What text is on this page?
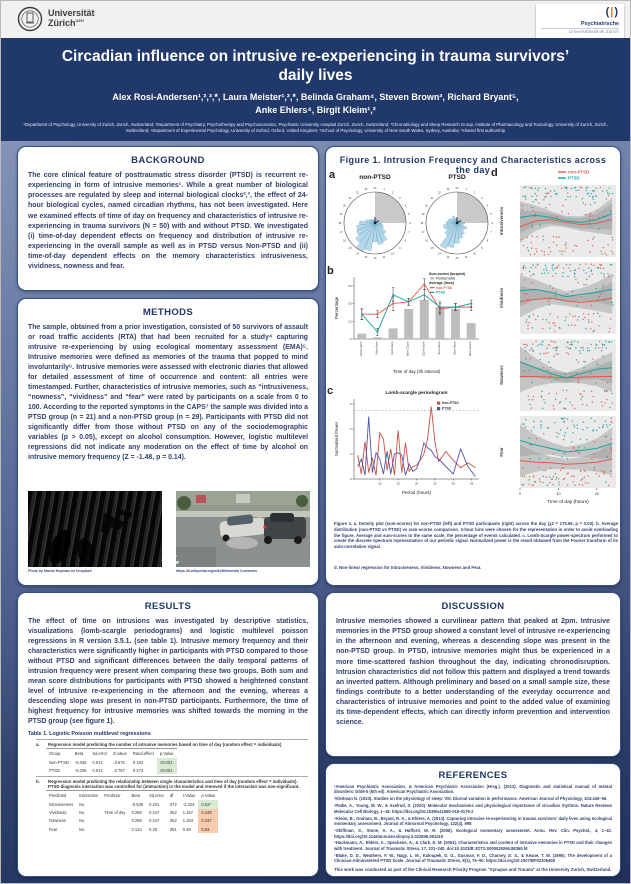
Universität
Zürich$^{UZH}$
(|)
Psychiatrische
Universitätsklinik Zürich
Circadian influence on intrusive re-experiencing in trauma survivors’
daily lives
Alex Rosi-Andersen¹,²,³,*, Laura Meister¹,²,*, Belinda Graham⁴, Steven Brown³, Richard Bryant⁵,
Anke Ehlers⁴, Birgit Kleim¹,²
¹Department of Psychology, University of Zurich, Zurich, Switzerland; ²Department of Psychiatry, Psychotherapy and Psychosomatics, Psychiatric University Hospital Zurich, Zurich, Switzerland; ³Chronobiology and Sleep Research Group, Institute of Pharmacology and Toxicology, University of Zurich, Zurich, Switzerland; ⁴Department of Experimental Psychology, University of Oxford, Oxford, United Kingdom; ⁵School of Psychology, University of New South Wales, Sydney, Australia; *shared first authorship
BACKGROUND

The core clinical feature of posttraumatic stress disorder (PTSD) is recurrent re-experiencing in form of intrusive memories¹. While a great number of biological processes are regulated by sleep and internal biological clocks²,³, the effect of 24-hour biological cycles, named circadian rhythms, has not been investigated. Here we examined effects of time of day on frequency and characteristics of intrusive re-experiencing in trauma survivors (N = 50) with and without PTSD. We investigated (i) time-of-day dependent effects on frequency and distribution of intrusive re-experiencing in the overall sample as well as in PTSD versus Non-PTSD and (ii) time-of-day dependent effects on the memory characteristics intrusiveness, vividness, nowness and fear.

METHODS

The sample, obtained from a prior investigation, consisted of 50 survivors of assault or road traffic accidents (RTA) that had been recruited for a study⁴ capturing intrusive re-experiencing by using ecological momentary assessment (EMA)⁵. Intrusive memories were defined as memories of the trauma that popped to mind involuntarily⁶. Intrusive memories were assessed with electronic diaries that allowed for detailed assessment of time of occurrence and content: all entries were timestamped. Further, characteristics of intrusive memories, such as “intrusiveness, “nowness”, “vividness” and “fear” were rated by participants on a scale from 0 to 100. According to the reported symptoms in the CAPS⁷ the sample was divided into a PTSD group (n = 21) and a non-PTSD group (n = 29). Participants with PTSD did not significantly differ from those without PTSD on any of the sociodemographic variables (p > 0.05), except on alcohol consumption. However, logistic multilevel regressions did not indicate any moderation on the effect of time by alcohol on intrusive memory frequency (Z = -1.48, p = 0.14).

Photo by Maxim Hopman on Unsplash	https://it.wikipedia.org/wiki/Wikimedia Commons
RESULTS

The effect of time on intrusions was investigated by descriptive statistics, visualizations (lomb-scargle periodograms) and logistic multilevel poisson regressions in R version 3.5.1. (see table 1). Intrusive memory frequency and their characteristics were significantly higher in participants with PTSD compared to those without PTSD and significant differences between the daily temporal patterns of intrusion frequency were present when comparing these two groups. Both sum and mean score distributions for participants with PTSD showed a heightened constant level of intrusive re-experiencing in the afternoon and the evening, whereas a descending slope was present in non-PTSD participants. Furthermore, the time of highest frequency for intrusive memories was shifted towards the morning in the PTSD group (see figure 1).

Table 1. Logistic Poisson multilevel regressions

a.	Regression model predicting the number of intrusive memories based on time of day (random effect = individuals)
Group	Beta	Sd.error	Z-value	Rand.effect	p-Value
Non-PTSD	-0.046	0.013	-3.676	0.192	<0.001
PTSD	-0.035	0.013	-2.757	0.273	<0.001
b.	Regression model predicting the relationship between single characteristics and time of day (random effect = individuals). PTSD diagnosis interaction was controlled for (interaction) in the model and removed if the interaction was non-significant.
Predicted	Interaction	Predictor	Beta	Sd.error	df	t-Value	p-Value
Intrusiveness	No		-0.536	0.231	372	-2.323	0.02*
Vividness	No	Time of day	0.286	0.247	362	1.157	0.248
Nowness	No		0.295	0.247	362	1.183	0.237
Fear	No		0.134	0.28	351	0.48	0.63
Figure 1. Intrusion Frequency and Characteristics across the day
a	non-PTSD
1
2
3
4
5
6
7
8
9
10
11
12
13
14
15
16
17
18
19
20
21
22
23 24
PTSD
1
2
3
4
5
6
7
8
9
10
11
12
13
14
15
16
17
18
19
20
21
22
23 24
b
0
10
20
30
12am-3am	3am-6am	6am-9am	9am-12pm	12pm-3pm	3pm-6pm	6pm-9pm	9pm-12am
Time of day (3h interval)
Percentage
Sum-scores (boxplot)
Pooled data
Average (lines)
non-PTSD
PTSD
c	Lomb-scargle periodogram
0
2
4
6
10	15	20	25	30	35
Non-PTSD
PTSD
Period (hours)
Normalized Power
d	non-PTSD
PTSD
Intrusiveness
Vividness
Nowness
Fear
0	10	20
Time of day (hours)

Figure 1. a. Density plot (sum-scores) for non-PTSD (left) and PTSD participants (right) across the day (χ2 = 175.56, p = 0.03). b. Average distribution (non-PTSD vs PTSD) vs sum-scores comparison. 3-hour bins were chosen for the representation in order to avoid overloading the figure. Average and sum-scores to the same scale, the percentage of events calculated. c. Lomb-Scargle power-spectrum performed to create the discrete spectrum representation of our periodic signal. Normalized power is the result obtained from the Fourier transform of its auto-correlation signal.

d. Non-linear regression for Intrusiveness, Vividness, Nowness and Fear.

DISCUSSION

Intrusive memories showed a curvilinear pattern that peaked at 2pm. Intrusive memories in the PTSD group showed a constant level of intrusive re-experiencing in the afternoon and evening, whereas a descending slope was present in the non-PTSD group. In PTSD, intrusive memories might thus be experienced in a more time-scattered fashion throughout the day, indicating chronodisruption. Intrusion characteristics did not follow this pattern and displayed a trend towards an inverted pattern. Although preliminary and based on a small sample size, these findings contribute to a better understanding of the everyday occurrence and characteristics of intrusive memories and point to the added value of examining its time-dependent effects, which can directly inform prevention and intervention science.

REFERENCES

¹American Psychiatric Association, & American Psychiatric Association (Hrsg.). (2013). Diagnostic and statistical manual of mental disorders: DSM-5 (5th ed). American Psychiatric Association.

²Kleitman N. (1933). Studies on the physiology of sleep: VIII. Diurnal variation in performance. American Journal of Physiology, 104:449–56.

³Patke, A., Young, M. W., & Axelrod, S. (2020). Molecular mechanisms and physiological importance of circadian rhythms. Nature Reviews Molecular Cell Biology, 1–18. https://doi.org/10.1038/s41580-019-0179-2

⁴Kleim, B., Graham, B., Bryant, R. A., & Ehlers, A. (2013). Capturing intrusive re-experiencing in trauma survivors’ daily lives using ecological momentary assessment. Journal of Abnormal Psychology, 122(4), 998

⁵Shiffman, S., Stone, A. A., & Hufford, M. R. (2008). Ecological momentary assessment. Annu. Rev. Clin. Psychol., 4, 1–32. https://doi.org/10.1146/annurev.clinpsy.3.022806.091415

⁶Hackmann, A., Ehlers, A., Speckens, A., & Clark, D. M. (2004). Characteristics and content of intrusive memories in PTSD and their changes with treatment. Journal of Traumatic Stress, 17, 231–240. doi:10.1023/B:JOTS.0000029266.88369.fd

⁷Blake, D. D., Weathers, F. W., Nagy, L. M., Kaloupek, D. G., Gusman, F. D., Charney, D. S., & Keane, T. M. (1995). The development of a Clinician-Administered PTSD Scale. Journal of Traumatic Stress, 8(1), 75–90. https://doi.org/10.1007/BF02105408

This work was conducted as part of the Clinical Research Priority Program “Synapse and Trauma” at the University Zurich, Switzerland.
